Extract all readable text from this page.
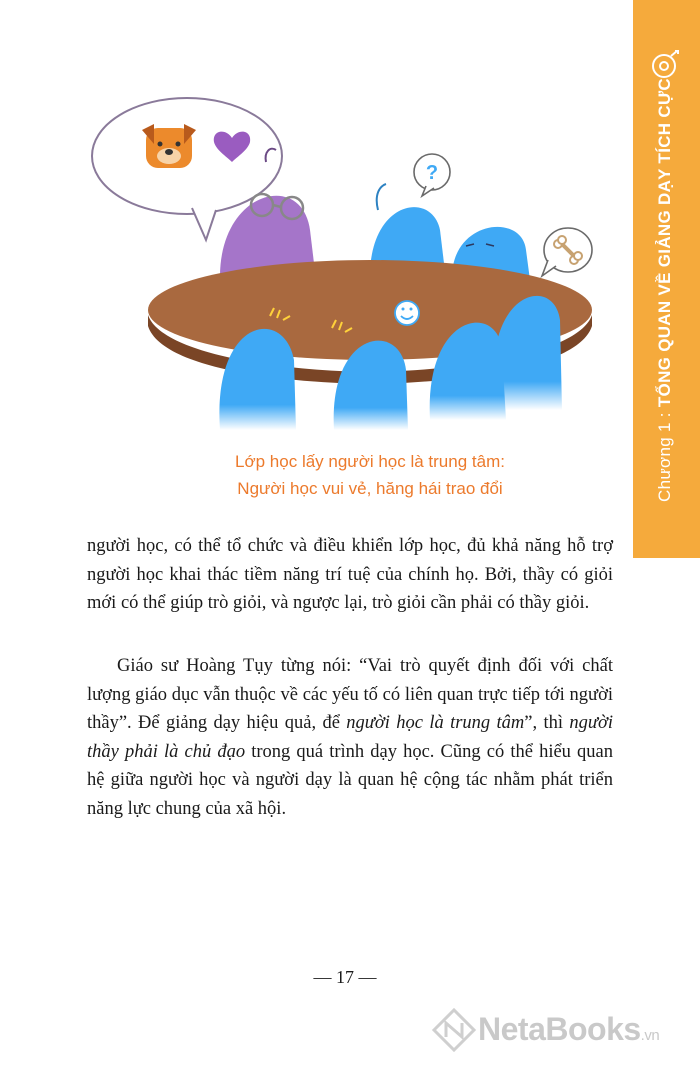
Chương 1 : TỔNG QUAN VỀ GIẢNG DẠY TÍCH CỰC
?
Lớp học lấy người học là trung tâm:
Người học vui vẻ, hăng hái trao đổi

người học, có thể tổ chức và điều khiển lớp học, đủ khả năng hỗ trợ người học khai thác tiềm năng trí tuệ của chính họ. Bởi, thầy có giỏi mới có thể giúp trò giỏi, và ngược lại, trò giỏi cần phải có thầy giỏi.

Giáo sư Hoàng Tụy từng nói: “Vai trò quyết định đối với chất lượng giáo dục vẫn thuộc về các yếu tố có liên quan trực tiếp tới người thầy”. Để giảng dạy hiệu quả, để người học là trung tâm”, thì người thầy phải là chủ đạo trong quá trình dạy học. Cũng có thể hiểu quan hệ giữa người học và người dạy là quan hệ cộng tác nhằm phát triển năng lực chung của xã hội.

— 17 —
NetaBooks.vn
